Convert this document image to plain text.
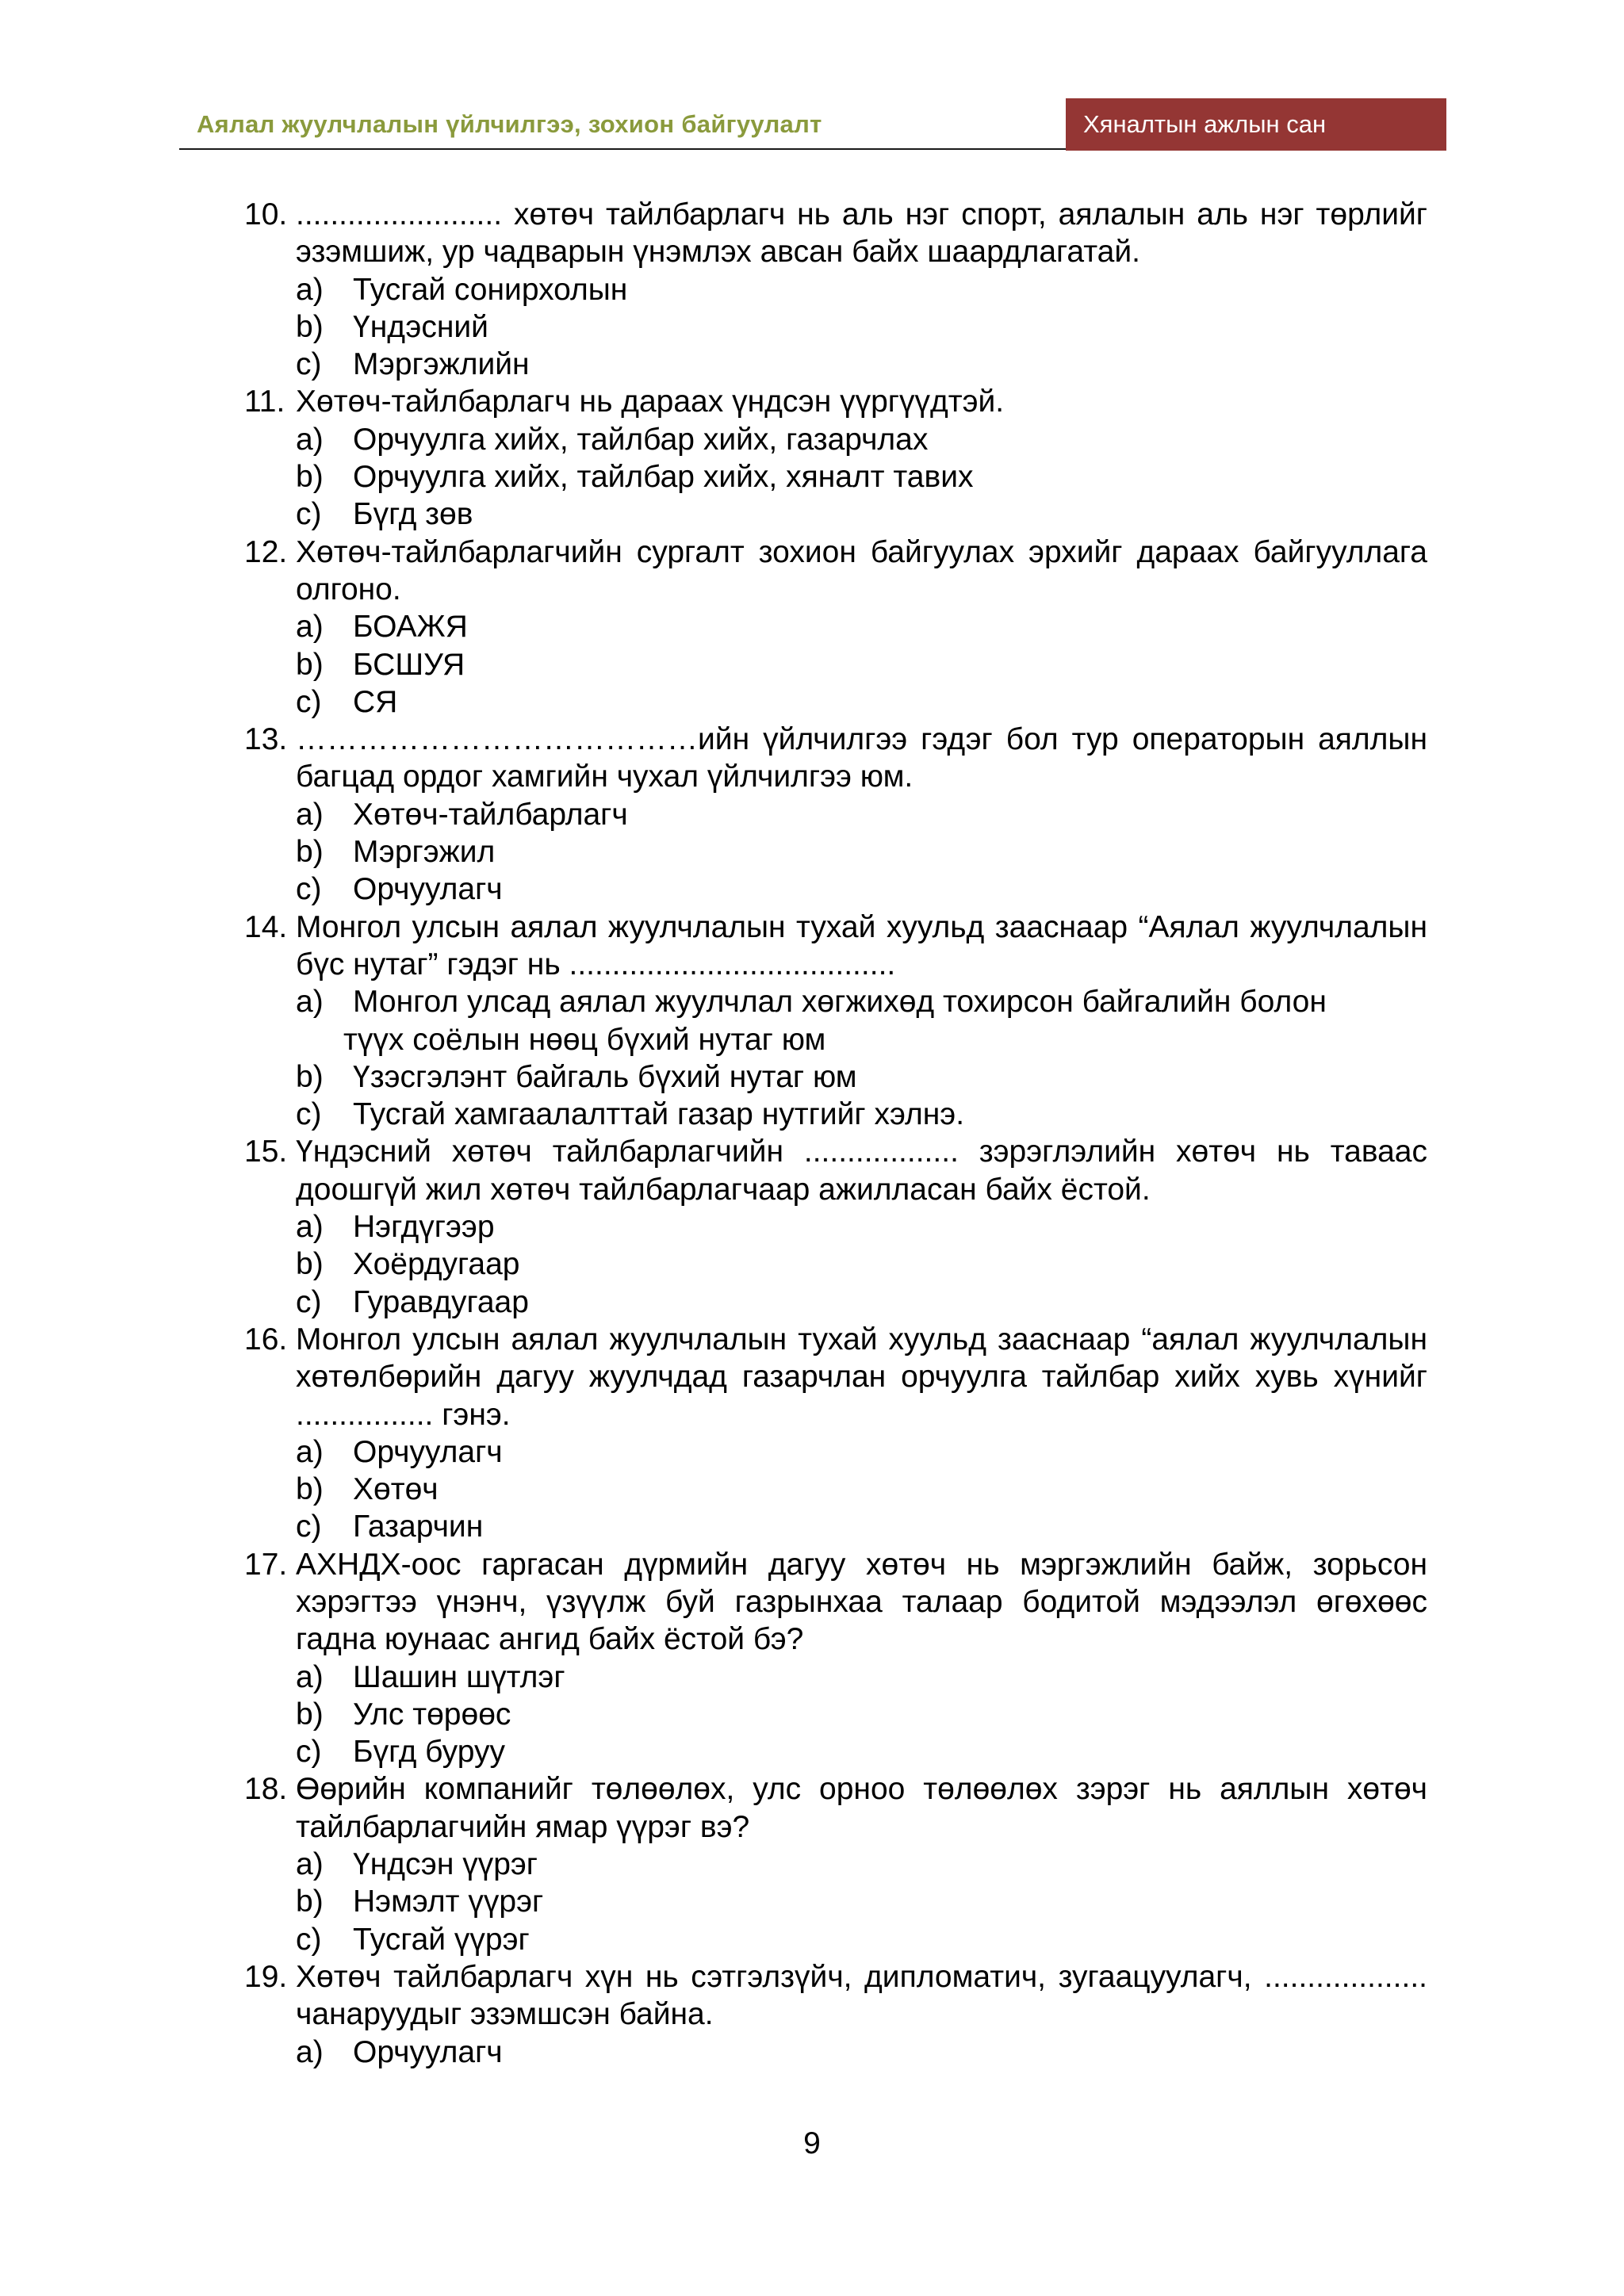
Аялал жуулчлалын үйлчилгээ, зохион байгуулалт	Хяналтын ажлын сан
10. ........................ хөтөч тайлбарлагч нь аль нэг спорт, аялалын аль нэг төрлийг эзэмшиж, ур чадварын үнэмлэх авсан байх шаардлагатай.
a) Тусгай сонирхолын
b) Үндэсний
c) Мэргэжлийн
11. Хөтөч-тайлбарлагч нь дараах үндсэн үүргүүдтэй.
a) Орчуулга хийх, тайлбар хийх, газарчлах
b) Орчуулга хийх, тайлбар хийх, хяналт тавих
c) Бүгд зөв
12. Хөтөч-тайлбарлагчийн сургалт зохион байгуулах эрхийг дараах байгууллага олгоно.
a) БОАЖЯ
b) БСШУЯ
c) СЯ
13. …………………………………ийн үйлчилгээ гэдэг бол тур операторын аяллын багцад ордог хамгийн чухал үйлчилгээ юм.
a) Хөтөч-тайлбарлагч
b) Мэргэжил
c) Орчуулагч
14. Монгол улсын аялал жуулчлалын тухай хуульд зааснаар “Аялал жуулчлалын бүс нутаг” гэдэг нь ......................................
a) Монгол улсад аялал жуулчлал хөгжихөд тохирсон байгалийн болон
түүх соёлын нөөц бүхий нутаг юм
b) Үзэсгэлэнт байгаль бүхий нутаг юм
c) Тусгай хамгаалалттай газар нутгийг хэлнэ.
15. Үндэсний хөтөч тайлбарлагчийн .................. зэрэглэлийн хөтөч нь таваас доошгүй жил хөтөч тайлбарлагчаар ажилласан байх ёстой.
a) Нэгдүгээр
b) Хоёрдугаар
c) Гуравдугаар
16. Монгол улсын аялал жуулчлалын тухай хуульд зааснаар “аялал жуулчлалын хөтөлбөрийн дагуу жуулчдад газарчлан орчуулга тайлбар хийх хувь хүнийг ................ гэнэ.
a) Орчуулагч
b) Хөтөч
c) Газарчин
17. АХНДХ-оос гаргасан дүрмийн дагуу хөтөч нь мэргэжлийн байж, зорьсон хэрэгтээ үнэнч, үзүүлж буй газрынхаа талаар бодитой мэдээлэл өгөхөөс гадна юунаас ангид байх ёстой бэ?
a) Шашин шүтлэг
b) Улс төрөөс
c) Бүгд буруу
18. Өөрийн компанийг төлөөлөх, улс орноо төлөөлөх зэрэг нь аяллын хөтөч тайлбарлагчийн ямар үүрэг вэ?
a) Үндсэн үүрэг
b) Нэмэлт үүрэг
c) Тусгай үүрэг
19. Хөтөч тайлбарлагч хүн нь сэтгэлзүйч, дипломатич, зугаацуулагч, ................... чанаруудыг эзэмшсэн байна.
a) Орчуулагч
9
